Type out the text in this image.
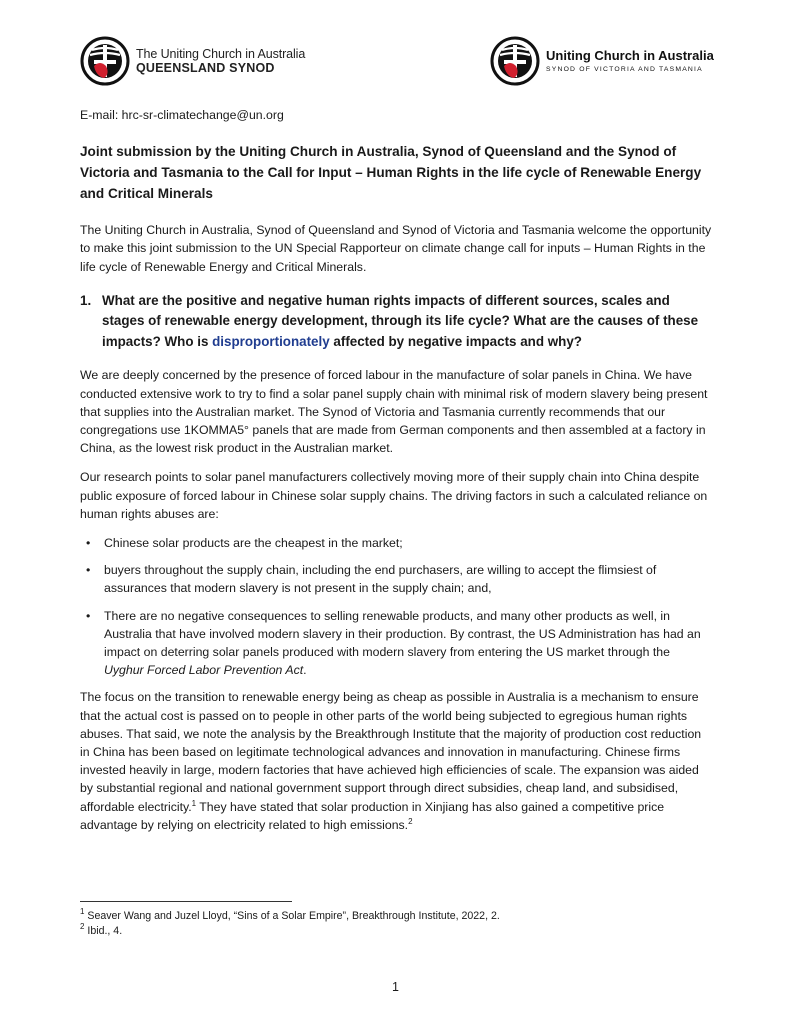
The Uniting Church in Australia
QUEENSLAND SYNOD
Uniting Church in Australia
SYNOD OF VICTORIA AND TASMANIA

E-mail: hrc-sr-climatechange@un.org

Joint submission by the Uniting Church in Australia, Synod of Queensland and the Synod of Victoria and Tasmania to the Call for Input – Human Rights in the life cycle of Renewable Energy and Critical Minerals

The Uniting Church in Australia, Synod of Queensland and Synod of Victoria and Tasmania welcome the opportunity to make this joint submission to the UN Special Rapporteur on climate change call for inputs – Human Rights in the life cycle of Renewable Energy and Critical Minerals.

1. What are the positive and negative human rights impacts of different sources, scales and stages of renewable energy development, through its life cycle? What are the causes of these impacts? Who is disproportionately affected by negative impacts and why?

We are deeply concerned by the presence of forced labour in the manufacture of solar panels in China. We have conducted extensive work to try to find a solar panel supply chain with minimal risk of modern slavery being present that supplies into the Australian market. The Synod of Victoria and Tasmania currently recommends that our congregations use 1KOMMA5° panels that are made from German components and then assembled at a factory in China, as the lowest risk product in the Australian market.

Our research points to solar panel manufacturers collectively moving more of their supply chain into China despite public exposure of forced labour in Chinese solar supply chains. The driving factors in such a calculated reliance on human rights abuses are:

•	Chinese solar products are the cheapest in the market;
•	buyers throughout the supply chain, including the end purchasers, are willing to accept the flimsiest of assurances that modern slavery is not present in the supply chain; and,
•	There are no negative consequences to selling renewable products, and many other products as well, in Australia that have involved modern slavery in their production. By contrast, the US Administration has had an impact on deterring solar panels produced with modern slavery from entering the US market through the Uyghur Forced Labor Prevention Act.

The focus on the transition to renewable energy being as cheap as possible in Australia is a mechanism to ensure that the actual cost is passed on to people in other parts of the world being subjected to egregious human rights abuses. That said, we note the analysis by the Breakthrough Institute that the majority of production cost reduction in China has been based on legitimate technological advances and innovation in manufacturing. Chinese firms invested heavily in large, modern factories that have achieved high efficiencies of scale. The expansion was aided by substantial regional and national government support through direct subsidies, cheap land, and subsidised, affordable electricity.$^1$ They have stated that solar production in Xinjiang has also gained a competitive price advantage by relying on electricity related to high emissions.$^2$

$^1$ Seaver Wang and Juzel Lloyd, “Sins of a Solar Empire”, Breakthrough Institute, 2022, 2.
$^2$ Ibid., 4.
1
